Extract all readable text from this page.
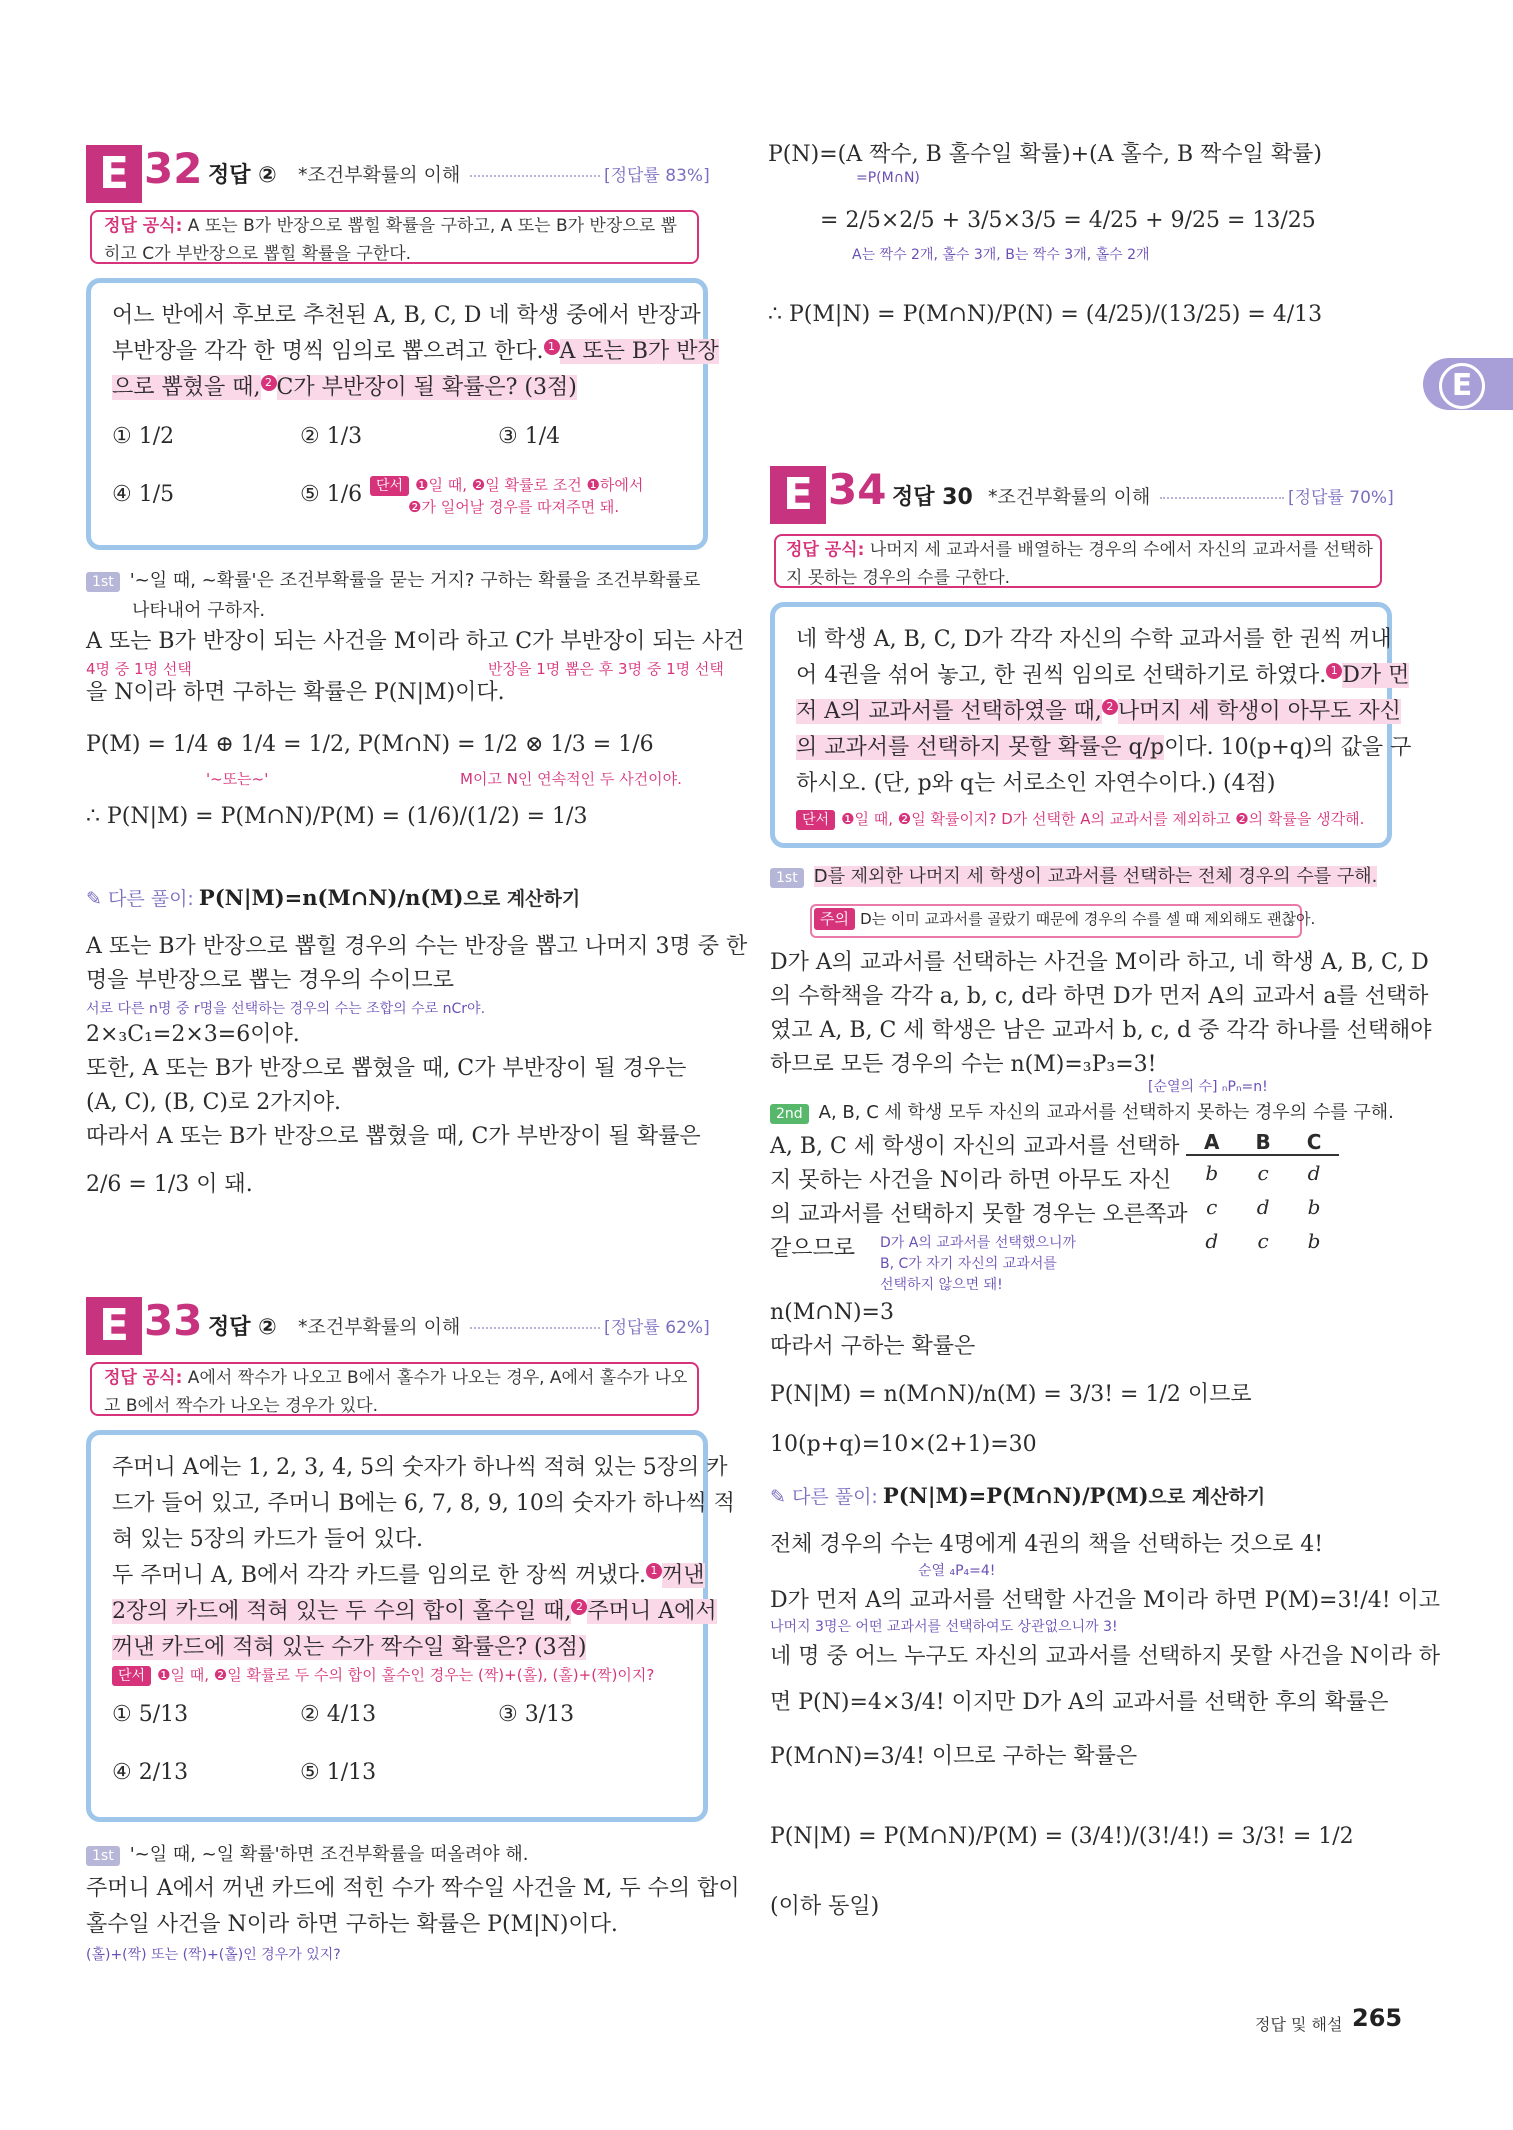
E
E 32 정답 ② *조건부확률의 이해	[정답률 83%]
정답 공식: A 또는 B가 반장으로 뽑힐 확률을 구하고, A 또는 B가 반장으로 뽑
히고 C가 부반장으로 뽑힐 확률을 구한다.
어느 반에서 후보로 추천된 A, B, C, D 네 학생 중에서 반장과
부반장을 각각 한 명씩 임의로 뽑으려고 한다. 1 A 또는 B가 반장
으로 뽑혔을 때, 2 C가 부반장이 될 확률은? (3점)
① 1/2	② 1/3	③ 1/4
④ 1/5	⑤ 1/6 단서 ❶일 때, ❷일 확률로 조건 ❶하에서
❷가 일어날 경우를 따져주면 돼.
1st '~일 때, ~확률'은 조건부확률을 묻는 거지? 구하는 확률을 조건부확률로
나타내어 구하자.
A 또는 B가 반장이 되는 사건을 M이라 하고 C가 부반장이 되는 사건
4명 중 1명 선택	반장을 1명 뽑은 후 3명 중 1명 선택
을 N이라 하면 구하는 확률은 P(N|M)이다.
P(M) = 1/4 ⊕ 1/4 = 1/2, P(M∩N) = 1/2 ⊗ 1/3 = 1/6
'~또는~'	M이고 N인 연속적인 두 사건이야.
∴ P(N|M) = P(M∩N)/P(M) = (1/6)/(1/2) = 1/3
✎ 다른 풀이: P(N|M)=n(M∩N)/n(M)으로 계산하기
A 또는 B가 반장으로 뽑힐 경우의 수는 반장을 뽑고 나머지 3명 중 한
명을 부반장으로 뽑는 경우의 수이므로
서로 다른 n명 중 r명을 선택하는 경우의 수는 조합의 수로 nCr야.
2×₃C₁=2×3=6이야.
또한, A 또는 B가 반장으로 뽑혔을 때, C가 부반장이 될 경우는
(A, C), (B, C)로 2가지야.
따라서 A 또는 B가 반장으로 뽑혔을 때, C가 부반장이 될 확률은
2/6 = 1/3 이 돼.
E 33 정답 ② *조건부확률의 이해	[정답률 62%]
정답 공식: A에서 짝수가 나오고 B에서 홀수가 나오는 경우, A에서 홀수가 나오
고 B에서 짝수가 나오는 경우가 있다.
주머니 A에는 1, 2, 3, 4, 5의 숫자가 하나씩 적혀 있는 5장의 카
드가 들어 있고, 주머니 B에는 6, 7, 8, 9, 10의 숫자가 하나씩 적
혀 있는 5장의 카드가 들어 있다.
두 주머니 A, B에서 각각 카드를 임의로 한 장씩 꺼냈다. 1 꺼낸
2장의 카드에 적혀 있는 두 수의 합이 홀수일 때, 2 주머니 A에서
꺼낸 카드에 적혀 있는 수가 짝수일 확률은? (3점)
단서 ❶일 때, ❷일 확률로 두 수의 합이 홀수인 경우는 (짝)+(홀), (홀)+(짝)이지?
① 5/13	② 4/13	③ 3/13
④ 2/13	⑤ 1/13
1st '~일 때, ~일 확률'하면 조건부확률을 떠올려야 해.
주머니 A에서 꺼낸 카드에 적힌 수가 짝수일 사건을 M, 두 수의 합이
홀수일 사건을 N이라 하면 구하는 확률은 P(M|N)이다.
(홀)+(짝) 또는 (짝)+(홀)인 경우가 있지?
P(N)=(A 짝수, B 홀수일 확률)+(A 홀수, B 짝수일 확률)
=P(M∩N)
= 2/5×2/5 + 3/5×3/5 = 4/25 + 9/25 = 13/25
A는 짝수 2개, 홀수 3개, B는 짝수 3개, 홀수 2개
∴ P(M|N) = P(M∩N)/P(N) = (4/25)/(13/25) = 4/13
E 34 정답 30 *조건부확률의 이해	[정답률 70%]
정답 공식: 나머지 세 교과서를 배열하는 경우의 수에서 자신의 교과서를 선택하
지 못하는 경우의 수를 구한다.
네 학생 A, B, C, D가 각각 자신의 수학 교과서를 한 권씩 꺼내
어 4권을 섞어 놓고, 한 권씩 임의로 선택하기로 하였다. 1 D가 먼
저 A의 교과서를 선택하였을 때, 2 나머지 세 학생이 아무도 자신
의 교과서를 선택하지 못할 확률은 q/p이다. 10(p+q)의 값을 구
하시오. (단, p와 q는 서로소인 자연수이다.) (4점)
단서 ❶일 때, ❷일 확률이지? D가 선택한 A의 교과서를 제외하고 ❷의 확률을 생각해.
1st D를 제외한 나머지 세 학생이 교과서를 선택하는 전체 경우의 수를 구해.
주의 D는 이미 교과서를 골랐기 때문에 경우의 수를 셀 때 제외해도 괜찮아.
D가 A의 교과서를 선택하는 사건을 M이라 하고, 네 학생 A, B, C, D
의 수학책을 각각 a, b, c, d라 하면 D가 먼저 A의 교과서 a를 선택하
였고 A, B, C 세 학생은 남은 교과서 b, c, d 중 각각 하나를 선택해야
하므로 모든 경우의 수는 n(M)=₃P₃=3!
[순열의 수] ₙPₙ=n!
2nd A, B, C 세 학생 모두 자신의 교과서를 선택하지 못하는 경우의 수를 구해.
A, B, C 세 학생이 자신의 교과서를 선택하
지 못하는 사건을 N이라 하면 아무도 자신
의 교과서를 선택하지 못할 경우는 오른쪽과
같으므로 D가 A의 교과서를 선택했으니까
B, C가 자기 자신의 교과서를
선택하지 않으면 돼!
A	B	C
b	c	d
c	d	b
d	c	b
n(M∩N)=3
따라서 구하는 확률은
P(N|M) = n(M∩N)/n(M) = 3/3! = 1/2 이므로
10(p+q)=10×(2+1)=30
✎ 다른 풀이: P(N|M)=P(M∩N)/P(M)으로 계산하기
전체 경우의 수는 4명에게 4권의 책을 선택하는 것으로 4!
순열 ₄P₄=4!
D가 먼저 A의 교과서를 선택할 사건을 M이라 하면 P(M)=3!/4! 이고
나머지 3명은 어떤 교과서를 선택하여도 상관없으니까 3!
네 명 중 어느 누구도 자신의 교과서를 선택하지 못할 사건을 N이라 하
면 P(N)=4×3/4! 이지만 D가 A의 교과서를 선택한 후의 확률은
P(M∩N)=3/4! 이므로 구하는 확률은
P(N|M) = P(M∩N)/P(M) = (3/4!)/(3!/4!) = 3/3! = 1/2
(이하 동일)
정답 및 해설 265
